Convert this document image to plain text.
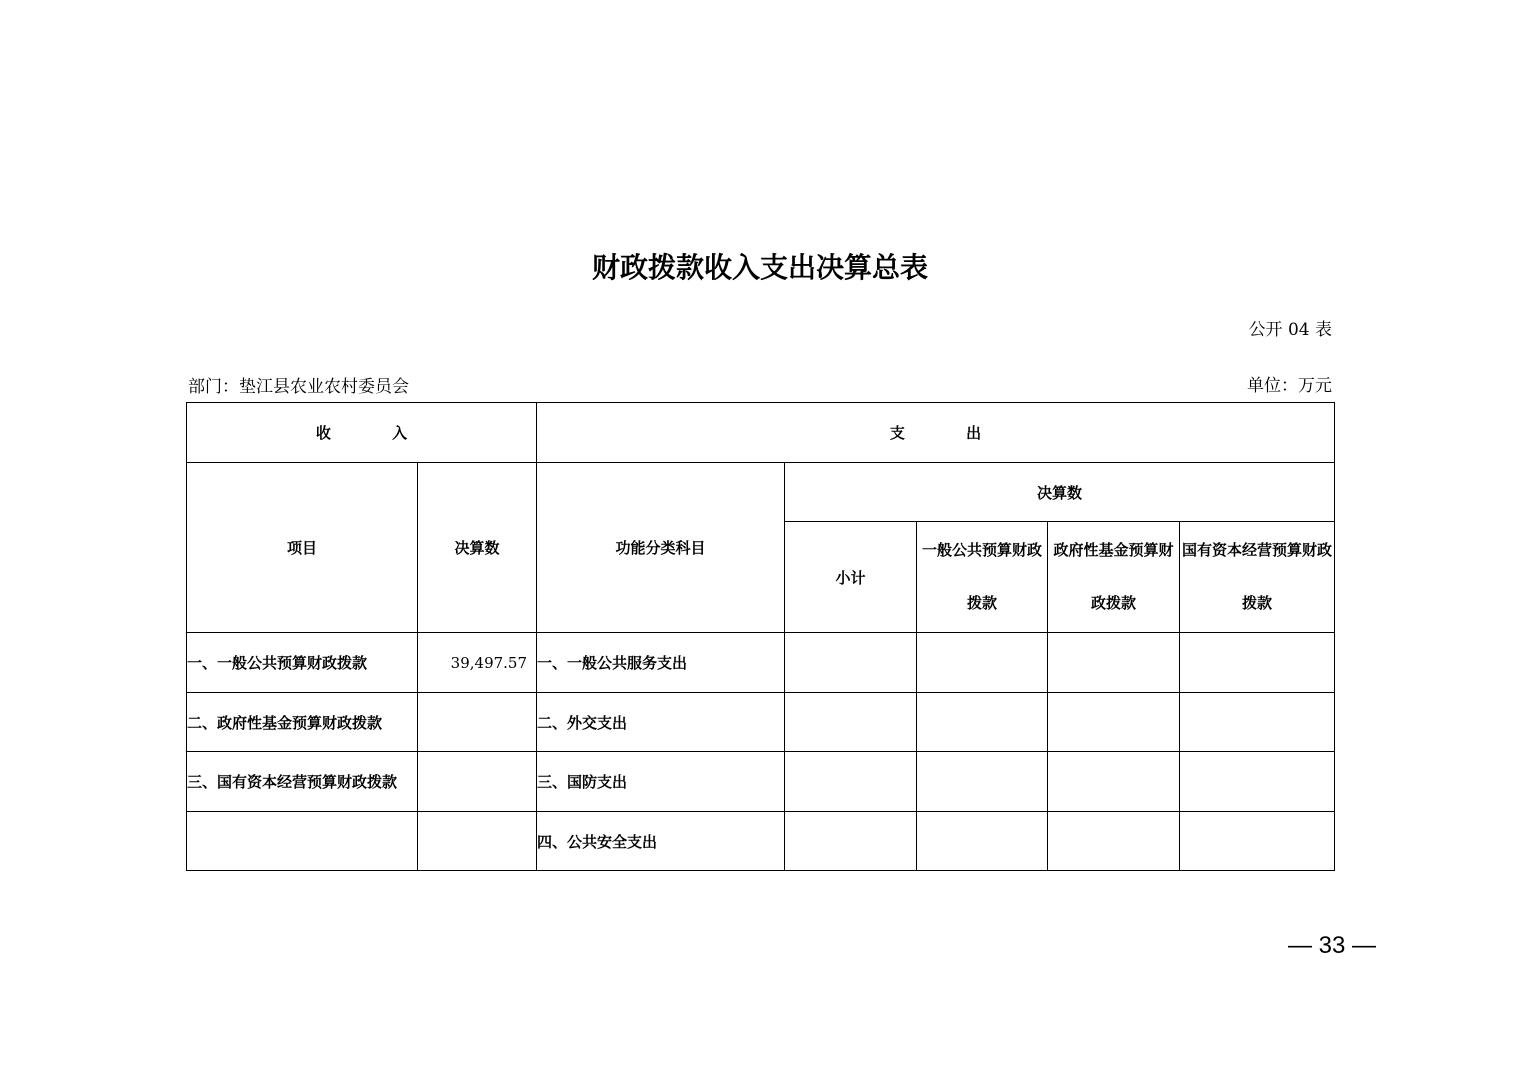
财政拨款收入支出决算总表
公开 04 表
部门：垫江县农业农村委员会	单位：万元
收 入		支 出				
项目	决算数	功能分类科目	决算数			
			小计	一般公共预算财政拨款	政府性基金预算财政拨款	国有资本经营预算财政拨款
一、一般公共预算财政拨款	39,497.57	一、一般公共服务支出				
二、政府性基金预算财政拨款		二、外交支出				
三、国有资本经营预算财政拨款		三、国防支出				
		四、公共安全支出				
— 33 —
